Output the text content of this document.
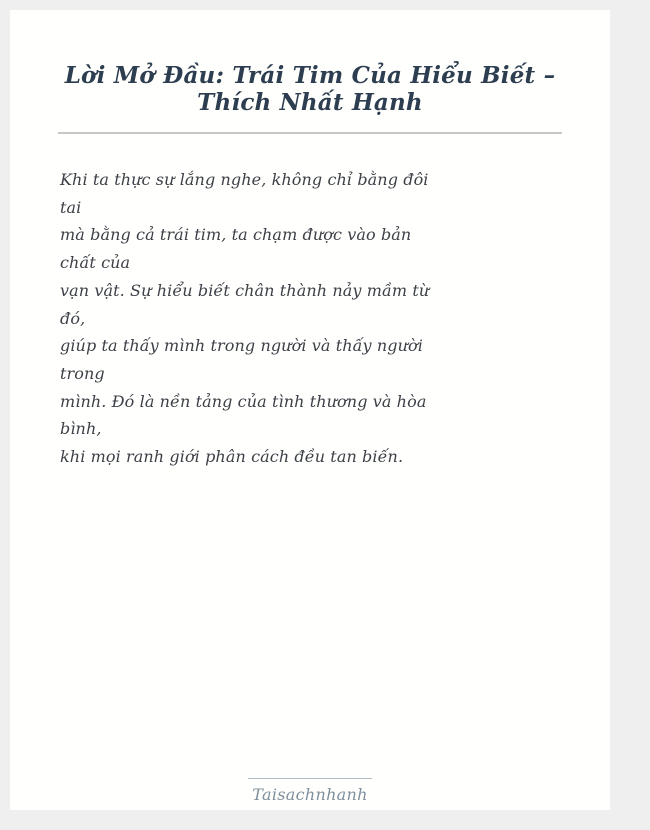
Lời Mở Đầu: Trái Tim Của Hiểu Biết – Thích Nhất Hạnh

Khi ta thực sự lắng nghe, không chỉ bằng đôi

tai

mà bằng cả trái tim, ta chạm được vào bản

chất của

vạn vật. Sự hiểu biết chân thành nảy mầm từ

đó,

giúp ta thấy mình trong người và thấy người

trong

mình. Đó là nền tảng của tình thương và hòa

bình,

khi mọi ranh giới phân cách đều tan biến.

Taisachnhanh
